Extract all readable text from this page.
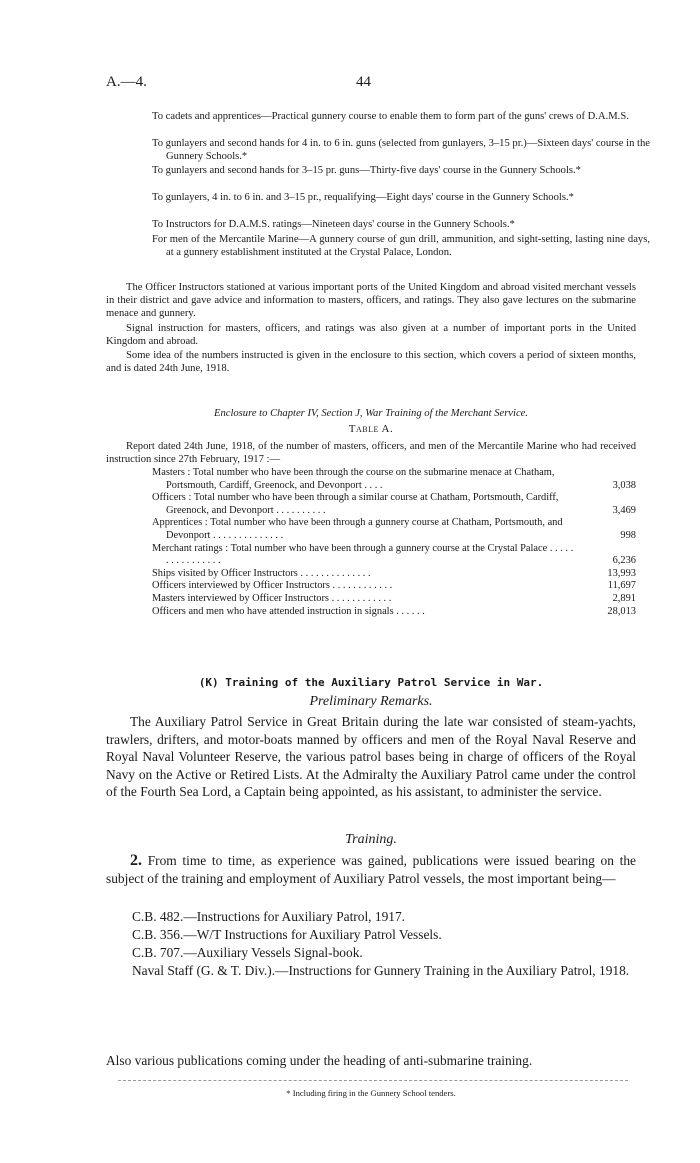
A.—4.	44
To cadets and apprentices—Practical gunnery course to enable them to form part of the guns' crews of D.A.M.S.
To gunlayers and second hands for 4 in. to 6 in. guns (selected from gunlayers, 3–15 pr.)—Sixteen days' course in the Gunnery Schools.*
To gunlayers and second hands for 3–15 pr. guns—Thirty-five days' course in the Gunnery Schools.*
To gunlayers, 4 in. to 6 in. and 3–15 pr., requalifying—Eight days' course in the Gunnery Schools.*
To Instructors for D.A.M.S. ratings—Nineteen days' course in the Gunnery Schools.*
For men of the Mercantile Marine—A gunnery course of gun drill, ammunition, and sight-setting, lasting nine days, at a gunnery establishment instituted at the Crystal Palace, London.
The Officer Instructors stationed at various important ports of the United Kingdom and abroad visited merchant vessels in their district and gave advice and information to masters, officers, and ratings. They also gave lectures on the submarine menace and gunnery.
Signal instruction for masters, officers, and ratings was also given at a number of important ports in the United Kingdom and abroad.
Some idea of the numbers instructed is given in the enclosure to this section, which covers a period of sixteen months, and is dated 24th June, 1918.
Enclosure to Chapter IV, Section J, War Training of the Merchant Service.
Table A.
Report dated 24th June, 1918, of the number of masters, officers, and men of the Mercantile Marine who had received instruction since 27th February, 1917 :—
Masters : Total number who have been through the course on the submarine menace at Chatham, Portsmouth, Cardiff, Greenock, and Devonport . . . .	3,038
Officers : Total number who have been through a similar course at Chatham, Portsmouth, Cardiff, Greenock, and Devonport . . . . . . . . . .	3,469
Apprentices : Total number who have been through a gunnery course at Chatham, Portsmouth, and Devonport . . . . . . . . . . . . . .	998
Merchant ratings : Total number who have been through a gunnery course at the Crystal Palace . . . . . . . . . . . . . . . .	6,236
Ships visited by Officer Instructors . . . . . . . . . . . . . .	13,993
Officers interviewed by Officer Instructors . . . . . . . . . . . .	11,697
Masters interviewed by Officer Instructors . . . . . . . . . . . .	2,891
Officers and men who have attended instruction in signals . . . . . .	28,013
(K) Training of the Auxiliary Patrol Service in War.
Preliminary Remarks.
The Auxiliary Patrol Service in Great Britain during the late war consisted of steam-yachts, trawlers, drifters, and motor-boats manned by officers and men of the Royal Naval Reserve and Royal Naval Volunteer Reserve, the various patrol bases being in charge of officers of the Royal Navy on the Active or Retired Lists. At the Admiralty the Auxiliary Patrol came under the control of the Fourth Sea Lord, a Captain being appointed, as his assistant, to administer the service.
Training.
2. From time to time, as experience was gained, publications were issued bearing on the subject of the training and employment of Auxiliary Patrol vessels, the most important being—
C.B. 482.—Instructions for Auxiliary Patrol, 1917.
C.B. 356.—W/T Instructions for Auxiliary Patrol Vessels.
C.B. 707.—Auxiliary Vessels Signal-book.
Naval Staff (G. & T. Div.).—Instructions for Gunnery Training in the Auxiliary Patrol, 1918.
Also various publications coming under the heading of anti-submarine training.
* Including firing in the Gunnery School tenders.
